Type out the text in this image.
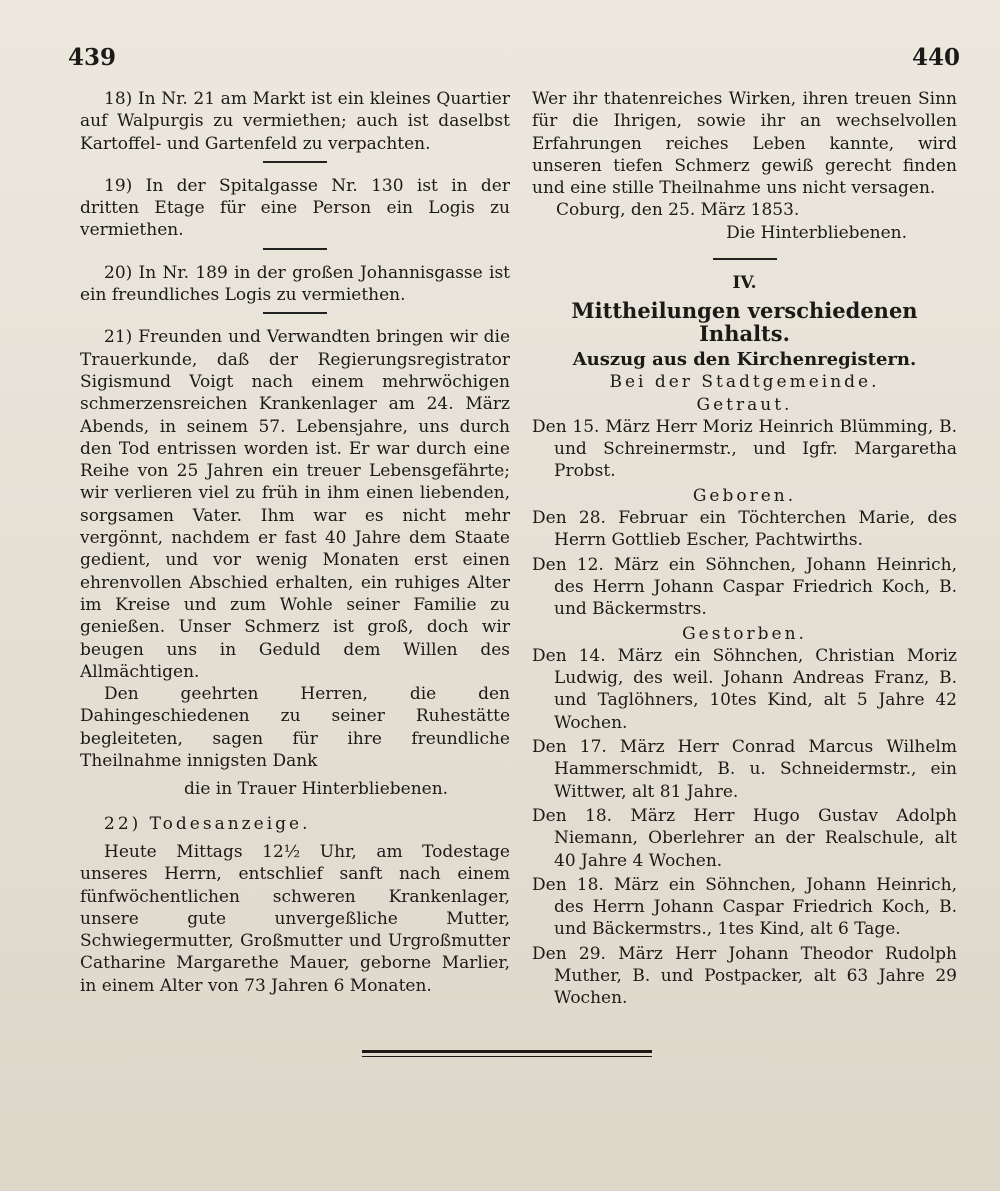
439	440

18) In Nr. 21 am Markt ist ein kleines Quartier auf Walpurgis zu vermiethen; auch ist daselbst Kartoffel- und Gartenfeld zu verpachten.

19) In der Spitalgasse Nr. 130 ist in der dritten Etage für eine Person ein Logis zu vermiethen.

20) In Nr. 189 in der großen Johannisgasse ist ein freundliches Logis zu vermiethen.

21) Freunden und Verwandten bringen wir die Trauerkunde, daß der Regierungsregistrator Sigismund Voigt nach einem mehrwöchigen schmerzensreichen Krankenlager am 24. März Abends, in seinem 57. Lebensjahre, uns durch den Tod entrissen worden ist. Er war durch eine Reihe von 25 Jahren ein treuer Lebensgefährte; wir verlieren viel zu früh in ihm einen liebenden, sorgsamen Vater. Ihm war es nicht mehr vergönnt, nachdem er fast 40 Jahre dem Staate gedient, und vor wenig Monaten erst einen ehrenvollen Abschied erhalten, ein ruhiges Alter im Kreise und zum Wohle seiner Familie zu genießen. Unser Schmerz ist groß, doch wir beugen uns in Geduld dem Willen des Allmächtigen.

Den geehrten Herren, die den Dahingeschiedenen zu seiner Ruhestätte begleiteten, sagen für ihre freundliche Theilnahme innigsten Dank

die in Trauer Hinterbliebenen.

22) Todesanzeige.

Heute Mittags 12½ Uhr, am Todestage unseres Herrn, entschlief sanft nach einem fünfwöchentlichen schweren Krankenlager, unsere gute unvergeßliche Mutter, Schwiegermutter, Großmutter und Urgroßmutter Catharine Margarethe Mauer, geborne Marlier, in einem Alter von 73 Jahren 6 Monaten.

Wer ihr thatenreiches Wirken, ihren treuen Sinn für die Ihrigen, sowie ihr an wechselvollen Erfahrungen reiches Leben kannte, wird unseren tiefen Schmerz gewiß gerecht finden und eine stille Theilnahme uns nicht versagen.

Coburg, den 25. März 1853.

Die Hinterbliebenen.

IV.

Mittheilungen verschiedenen Inhalts.

Auszug aus den Kirchenregistern.

Bei der Stadtgemeinde.

Getraut.

Den 15. März Herr Moriz Heinrich Blümming, B. und Schreinermstr., und Igfr. Margaretha Probst.

Geboren.

Den 28. Februar ein Töchterchen Marie, des Herrn Gottlieb Escher, Pachtwirths.

Den 12. März ein Söhnchen, Johann Heinrich, des Herrn Johann Caspar Friedrich Koch, B. und Bäckermstrs.

Gestorben.

Den 14. März ein Söhnchen, Christian Moriz Ludwig, des weil. Johann Andreas Franz, B. und Taglöhners, 10tes Kind, alt 5 Jahre 42 Wochen.

Den 17. März Herr Conrad Marcus Wilhelm Hammerschmidt, B. u. Schneidermstr., ein Wittwer, alt 81 Jahre.

Den 18. März Herr Hugo Gustav Adolph Niemann, Oberlehrer an der Realschule, alt 40 Jahre 4 Wochen.

Den 18. März ein Söhnchen, Johann Heinrich, des Herrn Johann Caspar Friedrich Koch, B. und Bäckermstrs., 1tes Kind, alt 6 Tage.

Den 29. März Herr Johann Theodor Rudolph Muther, B. und Postpacker, alt 63 Jahre 29 Wochen.
